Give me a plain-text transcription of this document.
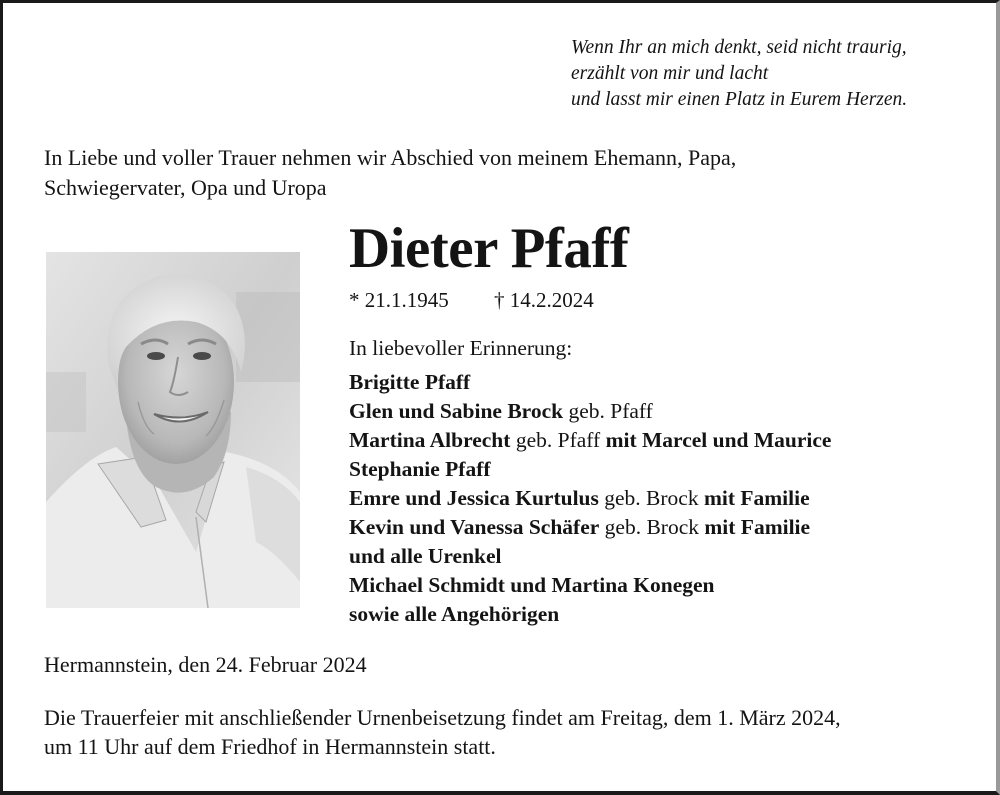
Wenn Ihr an mich denkt, seid nicht traurig,
erzählt von mir und lacht
und lasst mir einen Platz in Eurem Herzen.
In Liebe und voller Trauer nehmen wir Abschied von meinem Ehemann, Papa,
Schwiegervater, Opa und Uropa
Dieter Pfaff
* 21.1.1945 † 14.2.2024
In liebevoller Erinnerung:
Brigitte Pfaff
Glen und Sabine Brock geb. Pfaff
Martina Albrecht geb. Pfaff mit Marcel und Maurice
Stephanie Pfaff
Emre und Jessica Kurtulus geb. Brock mit Familie
Kevin und Vanessa Schäfer geb. Brock mit Familie
und alle Urenkel
Michael Schmidt und Martina Konegen
sowie alle Angehörigen
Hermannstein, den 24. Februar 2024
Die Trauerfeier mit anschließender Urnenbeisetzung findet am Freitag, dem 1. März 2024,
um 11 Uhr auf dem Friedhof in Hermannstein statt.
